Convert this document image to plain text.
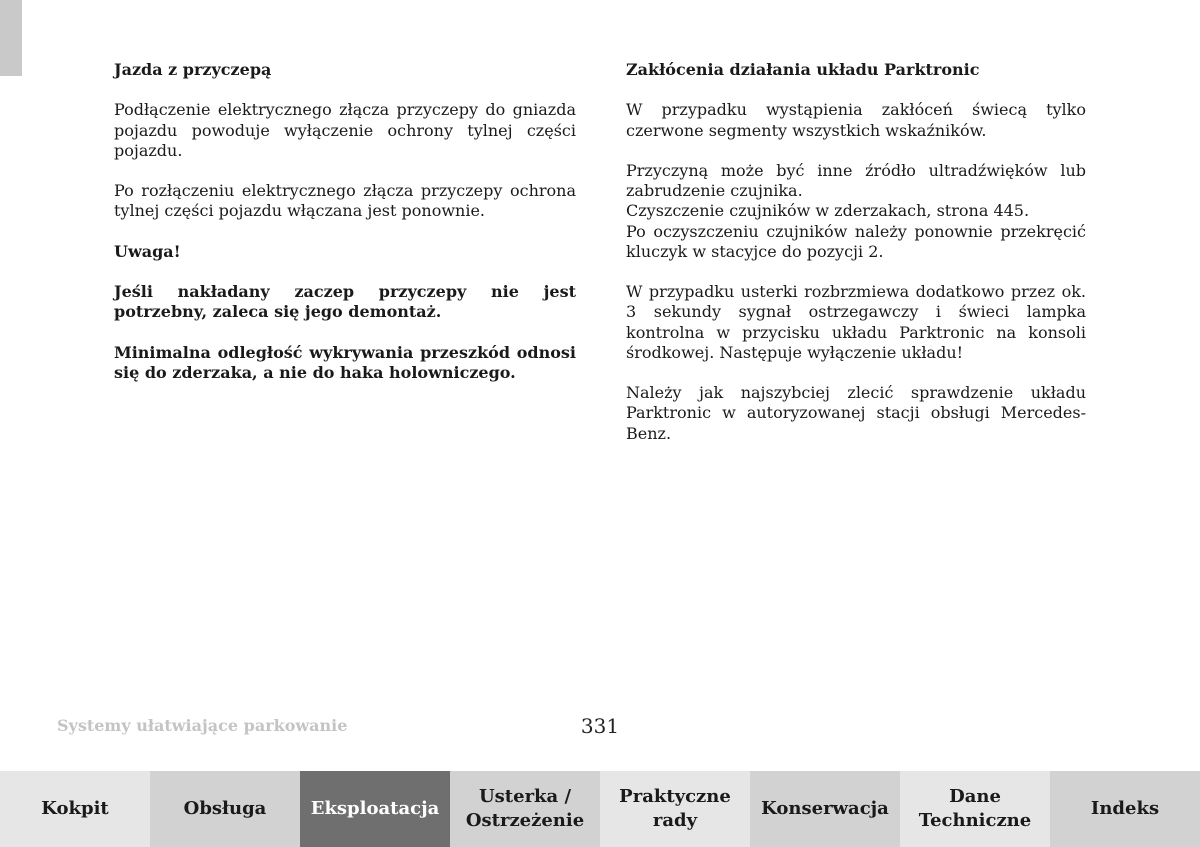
Jazda z przyczepą

Podłączenie elektrycznego złącza przyczepy do gniazda pojazdu powoduje wyłączenie ochrony tylnej części pojazdu.

Po rozłączeniu elektrycznego złącza przyczepy ochrona tylnej części pojazdu włączana jest ponownie.

Uwaga!

Jeśli nakładany zaczep przyczepy nie jest potrzebny, zaleca się jego demontaż.

Minimalna odległość wykrywania przeszkód odnosi się do zderzaka, a nie do haka holowniczego.

Zakłócenia działania układu Parktronic

W przypadku wystąpienia zakłóceń świecą tylko czerwone segmenty wszystkich wskaźników.

Przyczyną może być inne źródło ultradźwięków lub zabrudzenie czujnika.
Czyszczenie czujników w zderzakach, strona 445.
Po oczyszczeniu czujników należy ponownie przekręcić kluczyk w stacyjce do pozycji 2.

W przypadku usterki rozbrzmiewa dodatkowo przez ok. 3 sekundy sygnał ostrzegawczy i świeci lampka kontrolna w przycisku układu Parktronic na konsoli środkowej. Następuje wyłączenie układu!

Należy jak najszybciej zlecić sprawdzenie układu Parktronic w autoryzowanej stacji obsługi Mercedes-Benz.

Systemy ułatwiające parkowanie	331
Kokpit	Obsługa	Eksploatacja
Usterka /
Ostrzeżenie
Praktyczne
rady
Konserwacja
Dane
Techniczne
Indeks
